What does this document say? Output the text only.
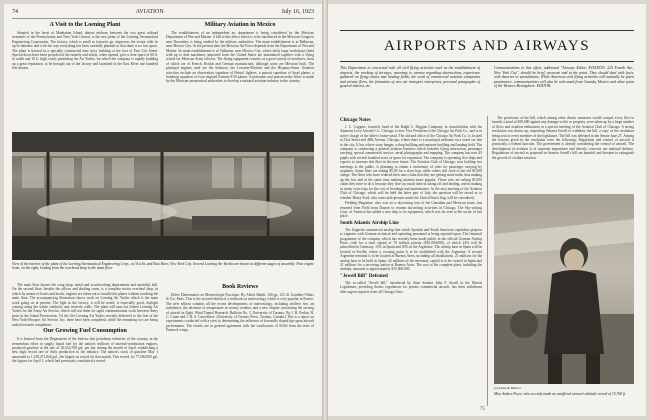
74	AVIATION	July 16, 1923
A Visit to the Loening Plant

Situated in the heart of Manhattan Island, almost midway between the two great railroad terminals of the Pennsylvania and New York Central, is the new plant of the Loening Aeronautical Engineering Corporation. The factory, which is small as factories go, impresses the visitor with its up-to-dateness and with the way everything has been carefully planned so that there is no lost space. The plant is housed in a specially constructed nine story building at the foot of East 31st Street. Special doors have been provided at the easterly end which, when opened, give a clear space of 60 ft. in width and 18 ft. high, easily permitting the Air Yachts, for which the company is rapidly building up a great reputation, to be brought out of the factory and launched in the East River one hundred feet distant.

Military Aviation in Mexico

The establishment of an independent air department is being considered by the Mexican Department of War and Marine. A bill to this effect which is to be introduced in the Mexican Congress next December, is being studied by the military authorities. The main establishment is at Balbuena, near Mexico City. At the present time the Mexican Air Force depends from the Department of War and Marine. Its main establishment is at Valbuena, near Mexico City, where fairly large workshops fitted with up to date machinery imported from the United States are maintained together with a flying school for Mexican Army officers. The flying equipment consists of a great variety of machines, most of which are of French, British and German manufacture, although some are Mexican built. The principal engines used are the Salmson, the Lorraine-Dietrich and the Hispano-Suiza. Aviation activities include an observation squadron of Bristol fighters, a pursuit squadron of Spad planes, a bombing squadron of twin engined Farman F.50 planes. A persistent and praiseworthy effort is made by the Mexican aeronautical authorities to develop a national aviation industry in the country.

View of the interior of the plant of the Loening Aeronautical Engineering Corp., at 31st St. and East River, New York City. Several Loening Air Yachts are shown in different stages of assembly. Note engine hoist, on the right, leading from the overhead shop to the main floor

The main floor houses the wing shop, metal and woodworking departments and assembly hall. On the second floor, besides the offices and drafting room, is a complete motor overhaul shop, in which by means of hoists and hooks, engines are taken out or installed in planes without touching the main floor. The accompanying illustration shows work on Loening Air Yachts which is the main work going on at present. The light in the factory, it will be noted, is especially good, daylight coming along the whole southerly and westerly walls. The plant will turn out fifteen Loening Air Yachts for the Army Air Service, which will use them for rapid communication work between Army posts in the Island Possessions. Of the five Loening Air Yachts recently delivered to the first of the New York-Newport Air Service, Inc. three have been completed, while the remaining two are being rushed towards completion.

Our Growing Fuel Consumption

It is learned from the Department of the Interior that petroleum refineries of the country, in the tremendous effort to supply liquid fuel for the nation's millions of internal-combustion engines, produced gasoline at the rate of 20,634,788 gal. per day during the month of April, establishing a new high record rate of daily production in the industry. The nation's stock of gasoline May 1 amounted to 1,318,471,826 gal., the largest on record for that month. This record, by 77,000,000 gal. the figures for April 1, which had previously constituted a record.

Book Reviews

Effets Elementaires en Meteorologie Practique. By Albert Baldit. 160 pp. 125 ill. Gauthier-Villars & Cie, Paris. This is the second edition of a textbook on meteorology which is very popular in France. The new edition contains all the recent developments of meteorology, including artillery fire, air turbulence, the decrease of temperature in stormy weather, and a new chapter concerning the serving of aircraft in flight. Wind Tunnel Research. Bulletin No. 3, University of Toronto. By J. H. Parkin, H. C. Crane and J. R. S. Cancelliere. (University of Toronto Press, Toronto, Canada.) This is a report on experiments conducted with a view to determining the influence of forwardly sloped tips upon aircraft performance. The results are in general agreement with the conclusions of Eiffel from the tests of Pennock wings.

AIRPORTS AND AIRWAYS
This Department is concerned with all civil flying activities such as the establishment of airports, the working of airways, warnings to airmen regarding obstructions, experience gathered on flying routes and landing fields, the work of commercial aviation companies and private fliers, the formation of new air transport enterprises, personal paragraphs of general interest, etc.
Communications to this effort, addressed "Airways Editor, AVIATION, 225 Fourth Ave., New York City", should be brief, accurate and to the point. They should deal with facts, with theories or speculations. While American civil flying activities will naturally be given prominence, communications will also be welcomed from Canada, Mexico and other parts of the Western Hemisphere. EDITOR.
Chicago Notes

J. C. Coggins, formerly head of the Ralph C. Diggins Company, in consolidation with the Ammons Levy Aircraft Co., Chicago, is now Vice President of the Chicago Air Park Co., and is in active charge of the latter's home-stead. The old and office of the Chicago Air Park Co. is located at 53rd Street and 48th Avenue, Chicago, where there is a municipal airdrome on a street car line to the city. It has a three story hangar, a shop building and separate building and landing field. The company is conducting a general aviation business which includes flying instruction, passenger carrying, special commercial service, aerial photography and mapping. The company has now 45 pupils with several hundred acres of space for expansion. The company is operating five ships and expects to increase this fleet in the near future. The Aviation Club of Chicago, now holding two meetings to the public, is planning to obtain a uniformity of rules for passenger carrying by airplanes. Some fliers are asking $5.00 for a short hop, while others still stick to the old $10.00 charge. The fliers who have reduced their rates claim that they are getting more trade, thus making up the loss and at the same time making aviation more popular. Those who are asking $10.00 claim they have to do it because they lose too much time in taking off and landing, and in making so many extra trips for the cost of breakage and maintenance. At the next meeting of the Aviation Club of Chicago, which will be held the latter part of July, the question will be raised as to whether Henry Ford, who owns and operates under the United States flag, will be considered.

Fielding Magazine, who was on a skywriting tour of the Canadian and Mexican states, has returned from Field from Dayton to resume skywriting activities in Chicago. The Sky-writing Corp. of America has added a new ship to its equipment, which was for sent to the sector of last place.

South Atlantic Airship Line

The Zeppelin commercial airship line which Spanish and South American capitalists propose to organize with German technical and operating personnel is being reported upon. The financial programme of the company which has recently been made public in the official German Airship Press, calls for a total capital of 70 million pesetas ($10,000,000), of which 24% will be subscribed in Germany, 15% in Spain and 49% in the Argentine. The airship base in Spain will be located at Seville, where a crossing point is to be established with the Argentine. A second Argentine terminal is to be located at Buenos Aires, including all installations. 21 millions for the airship base to be built in Spain, 42 millions of the necessary capital is to be created in Spain and 21 millions for a receiving station at Buenos Aires. The cost of the complete plant, including the airships, amounts to approximately $15,000,000.

"Jewell Bill" Defeated

The so-called "Jewell bill," introduced by State Senator John F. Jewell in the Illinois Legislature, providing drastic regulations for private commercial aircraft, has been withdrawn after urgent requests from all Chicago fliers.

The provisions of the bill, which among other drastic measures would compel every flier to furnish a bond of $50,000 against any damage to life or property, were taken up by a large number of fliers and aviation enthusiasts at a special meeting of the Aviation Club of Chicago. A strong resolution was drawn up, requesting Senator Jewell to withdraw the bill, a copy of the resolution being sent to every member of the legislature. The bill was defeated in the Senate June 27. Among the reasons given in the resolution were the following: Regulation and control of aircraft is practically a federal function. The government is already considering the control of aircraft. The development of aviation is of supreme importance and directly concerns our national defense. Regulations of aircraft as proposed in Senator Jewell's bill are harmful and threaten to extinguish the growth of civilian aviation.

(c) Kadel & Herbert
Miss Andree Peyre, who recently made an unofficial women's altitude record of 15,700 ft.
75
